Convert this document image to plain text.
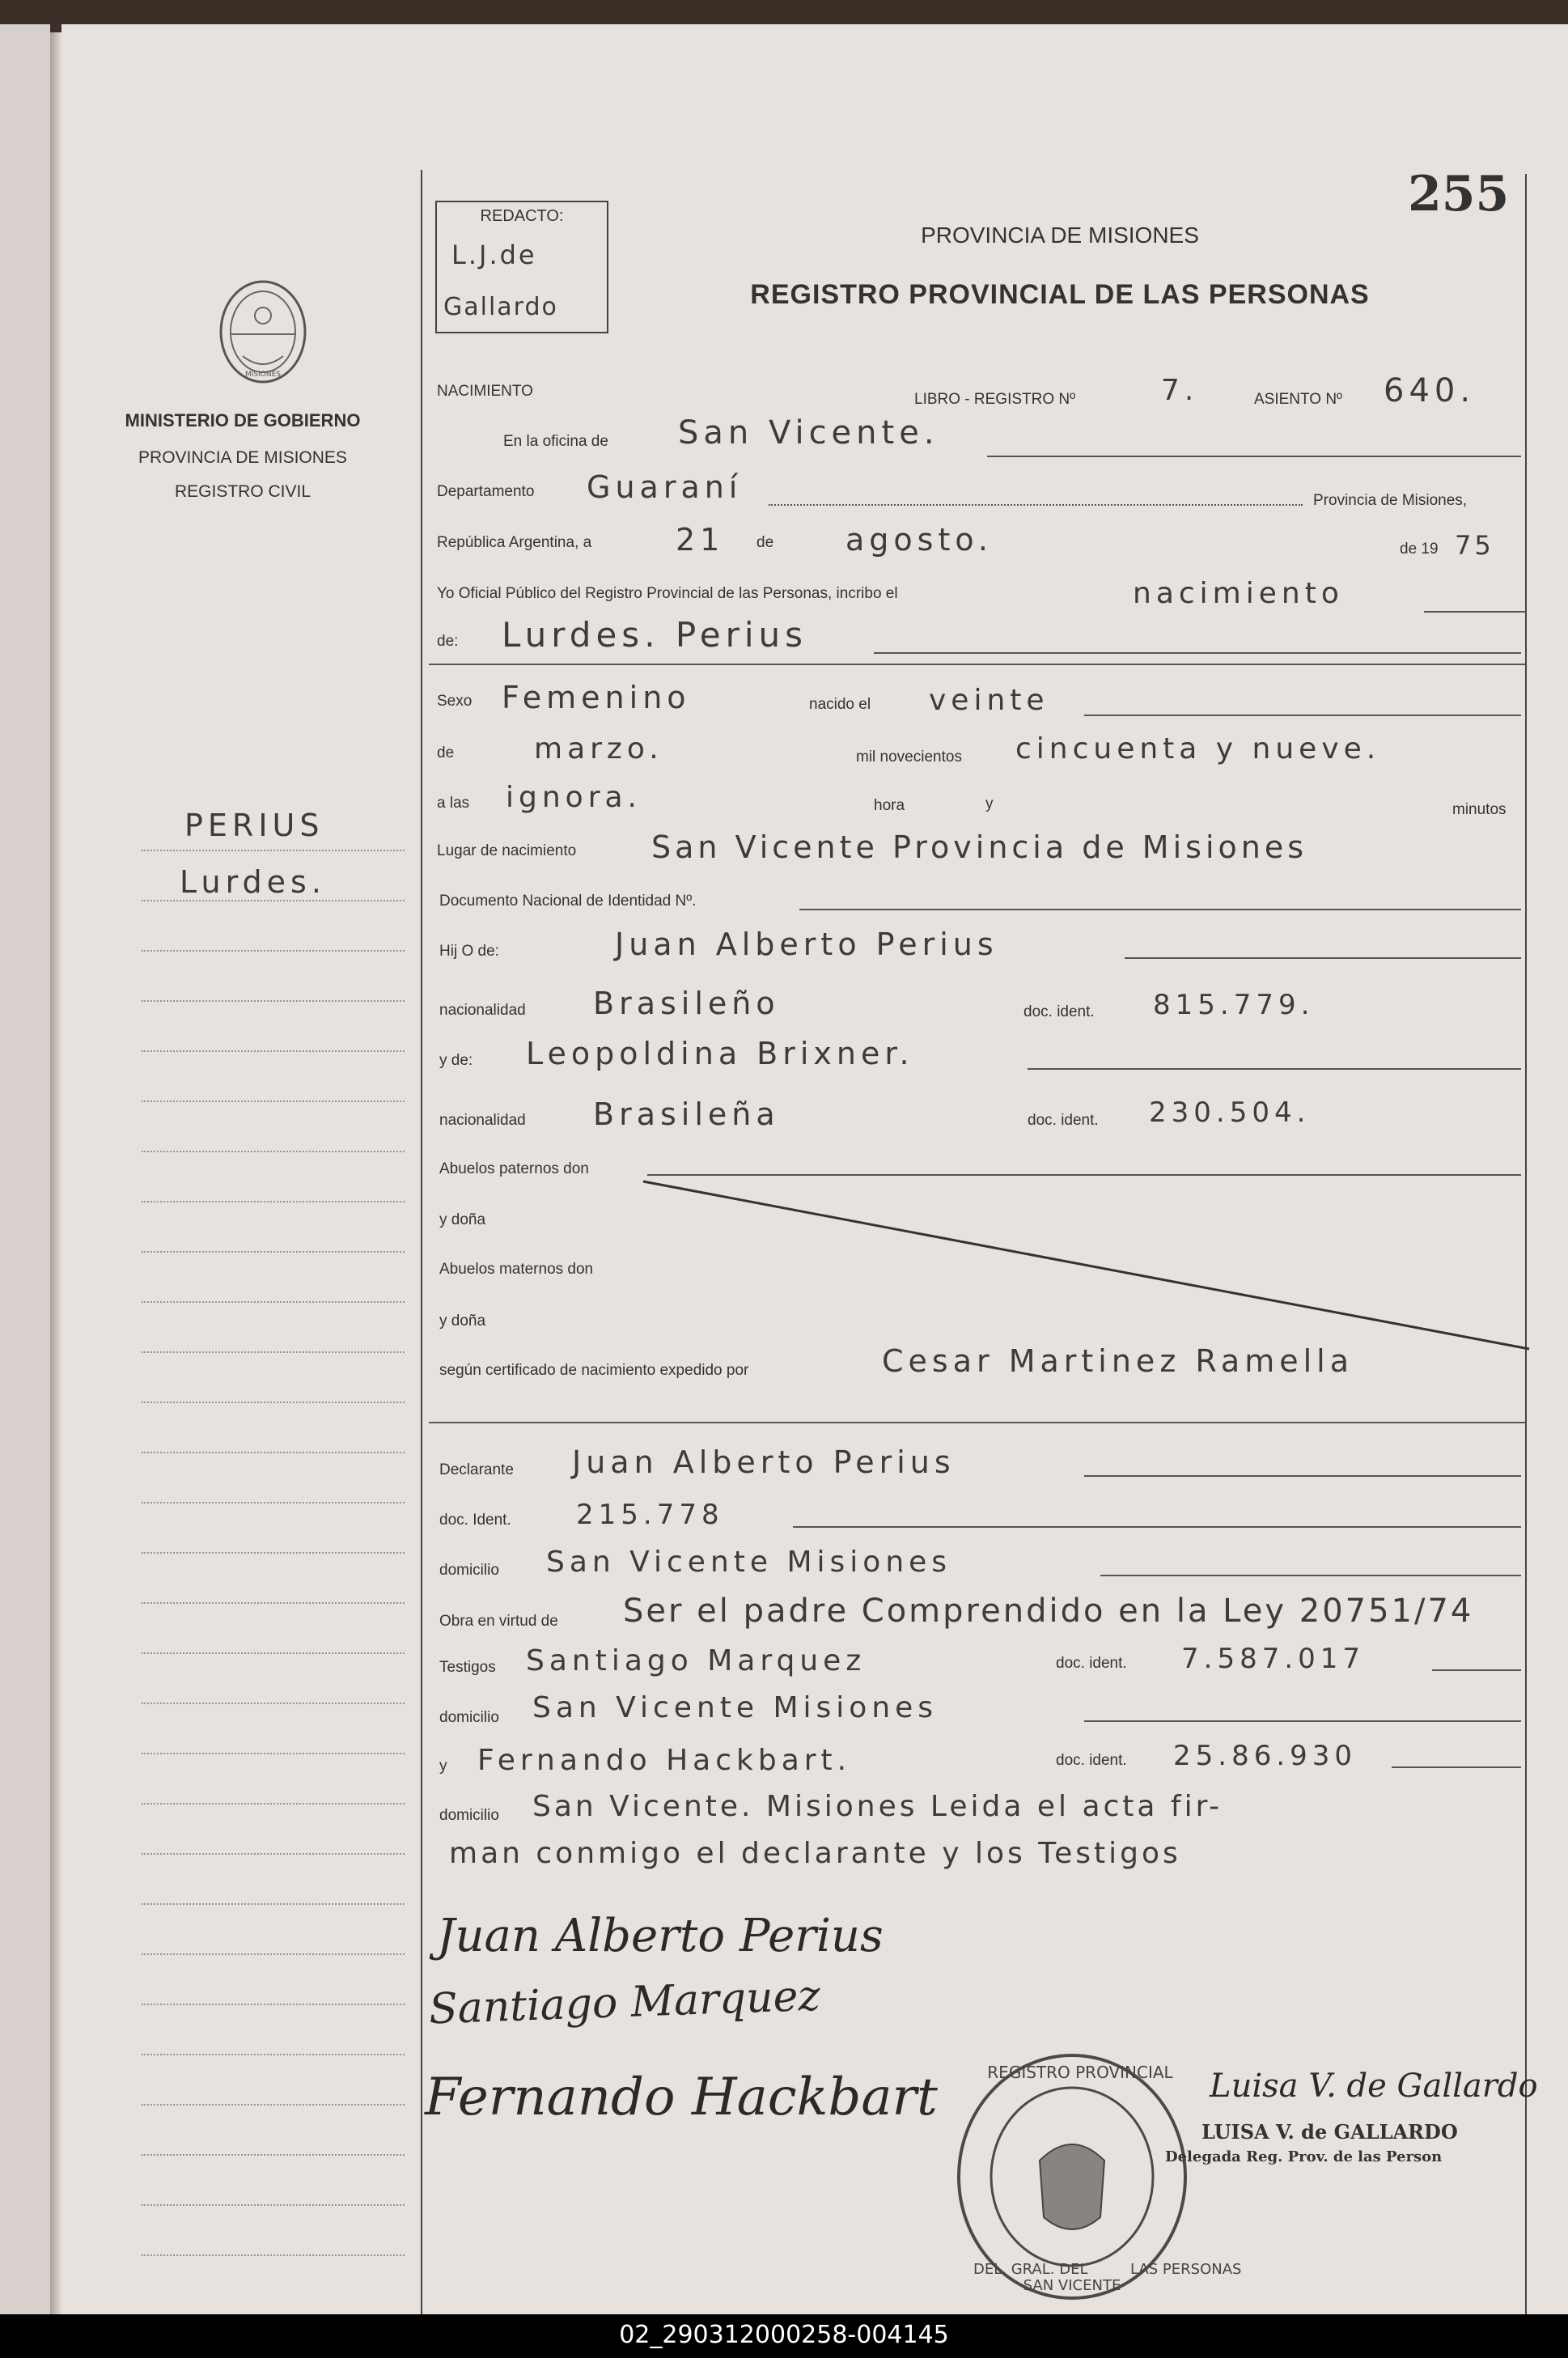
MISIONES
MINISTERIO DE GOBIERNO
PROVINCIA DE MISIONES
REGISTRO CIVIL
PERIUS
Lurdes.
REDACTO:
L.J.de
Gallardo
255
PROVINCIA DE MISIONES
REGISTRO PROVINCIAL DE LAS PERSONAS
NACIMIENTO	LIBRO - REGISTRO Nº	7.	ASIENTO Nº 640.
En la oficina de San Vicente.
Departamento Guaraní	Provincia de Misiones,
República Argentina, a	21 de agosto.	de 19 75
Yo Oficial Público del Registro Provincial de las Personas, incribo el	nacimiento
de: Lurdes. Perius
Sexo Femenino	nacido el veinte
de	marzo.	mil novecientos cincuenta y nueve.
a las ignora.	hora	y	minutos
Lugar de nacimiento San Vicente Provincia de Misiones
Documento Nacional de Identidad Nº.
Hij O de:	Juan Alberto Perius
nacionalidad Brasileño	doc. ident. 815.779.
y de: Leopoldina Brixner.
nacionalidad Brasileña	doc. ident. 230.504.
Abuelos paternos don
y doña
Abuelos maternos don
y doña
según certificado de nacimiento expedido por	Cesar Martinez Ramella
Declarante Juan Alberto Perius
doc. Ident. 215.778
domicilio San Vicente Misiones
Obra en virtud de Ser el padre Comprendido en la Ley 20751/74
Testigos Santiago Marquez	doc. ident. 7.587.017
domicilio San Vicente Misiones
y Fernando Hackbart.	doc. ident. 25.86.930
domicilio San Vicente. Misiones Leida el acta fir-
man conmigo el declarante y los Testigos
Juan Alberto Perius
Santiago Marquez
Fernando Hackbart	REGISTRO PROVINCIAL
DEL. GRAL. DEL	LAS PERSONAS
SAN VICENTE
Luisa V. de Gallardo
LUISA V. de GALLARDO
Delegada Reg. Prov. de las Person
02_290312000258-004145
